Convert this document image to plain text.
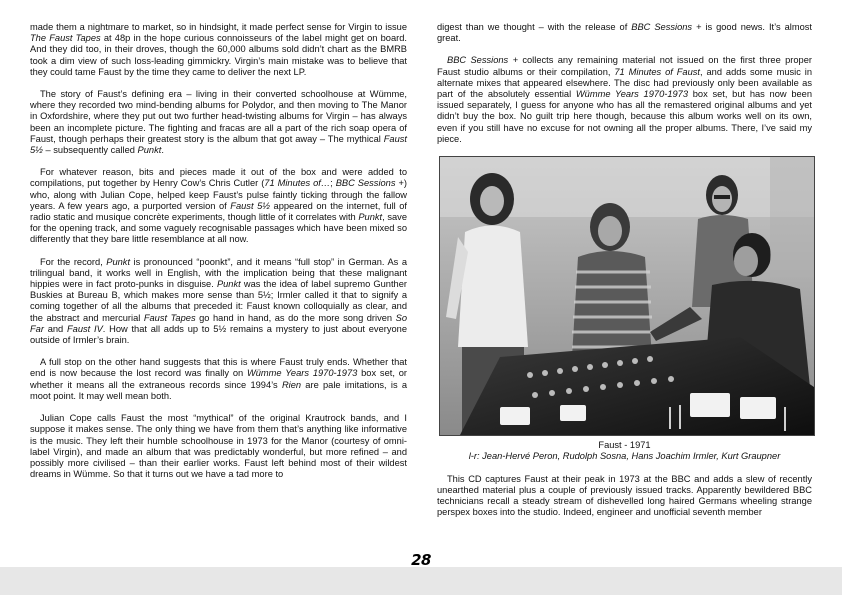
made them a nightmare to market, so in hindsight, it made perfect sense for Virgin to issue The Faust Tapes at 48p in the hope curious connoisseurs of the label might get on board. And they did too, in their droves, though the 60,000 albums sold didn’t chart as the BMRB took a dim view of such loss-leading gimmickry. Virgin’s main mistake was to believe that they could tame Faust by the time they came to deliver the next LP.

The story of Faust’s defining era – living in their converted schoolhouse at Wümme, where they recorded two mind-bending albums for Polydor, and then moving to The Manor in Oxfordshire, where they put out two further head-twisting albums for Virgin – has always been an incomplete picture. The fighting and fracas are all a part of the rich soap opera of Faust, though perhaps their greatest story is the album that got away – The mythical Faust 5½ – subsequently called Punkt.

For whatever reason, bits and pieces made it out of the box and were added to compilations, put together by Henry Cow’s Chris Cutler (71 Minutes of…; BBC Sessions +) who, along with Julian Cope, helped keep Faust’s pulse faintly ticking through the fallow years. A few years ago, a purported version of Faust 5½ appeared on the internet, full of radio static and musique concrète experiments, though little of it correlates with Punkt, save for the opening track, and some vaguely recognisable passages which have been mixed so differently that they bare little resemblance at all now.

For the record, Punkt is pronounced “poonkt”, and it means “full stop” in German. As a trilingual band, it works well in English, with the implication being that these malignant hippies were in fact proto-punks in disguise. Punkt was the idea of label supremo Gunther Buskies at Bureau B, which makes more sense than 5½; Irmler called it that to signify a coming together of all the albums that preceded it: Faust known colloquially as clear, and the abstract and mercurial Faust Tapes go hand in hand, as do the more song driven So Far and Faust IV. How that all adds up to 5½ remains a mystery to just about everyone outside of Irmler’s brain.

A full stop on the other hand suggests that this is where Faust truly ends. Whether that end is now because the lost record was finally on Wümme Years 1970-1973 box set, or whether it means all the extraneous records since 1994’s Rien are pale imitations, is a moot point. It may well mean both.

Julian Cope calls Faust the most “mythical” of the original Krautrock bands, and I suppose it makes sense. The only thing we have from them that’s anything like informative is the music. They left their humble schoolhouse in 1973 for the Manor (courtesy of omni-label Virgin), and made an album that was predictably wonderful, but more refined – and possibly more civilised – than their earlier works. Faust left behind most of their wildest dreams in Wümme. So that it turns out we have a tad more to

digest than we thought – with the release of BBC Sessions + is good news. It’s almost great.

BBC Sessions + collects any remaining material not issued on the first three proper Faust studio albums or their compilation, 71 Minutes of Faust, and adds some music in alternate mixes that appeared elsewhere. The disc had previously only been available as part of the absolutely essential Wümme Years 1970-1973 box set, but has now been issued separately, I guess for anyone who has all the remastered original albums and yet didn’t buy the box. No guilt trip here though, because this album works well on its own, even if you still have no excuse for not owning all the proper albums. There, I’ve said my piece.

Faust - 1971
l-r: Jean-Hervé Peron, Rudolph Sosna, Hans Joachim Irmler, Kurt Graupner

This CD captures Faust at their peak in 1973 at the BBC and adds a slew of recently unearthed material plus a couple of previously issued tracks. Apparently bewildered BBC technicians recall a steady stream of dishevelled long haired Germans wheeling strange perspex boxes into the studio. Indeed, engineer and unofficial seventh member

28
